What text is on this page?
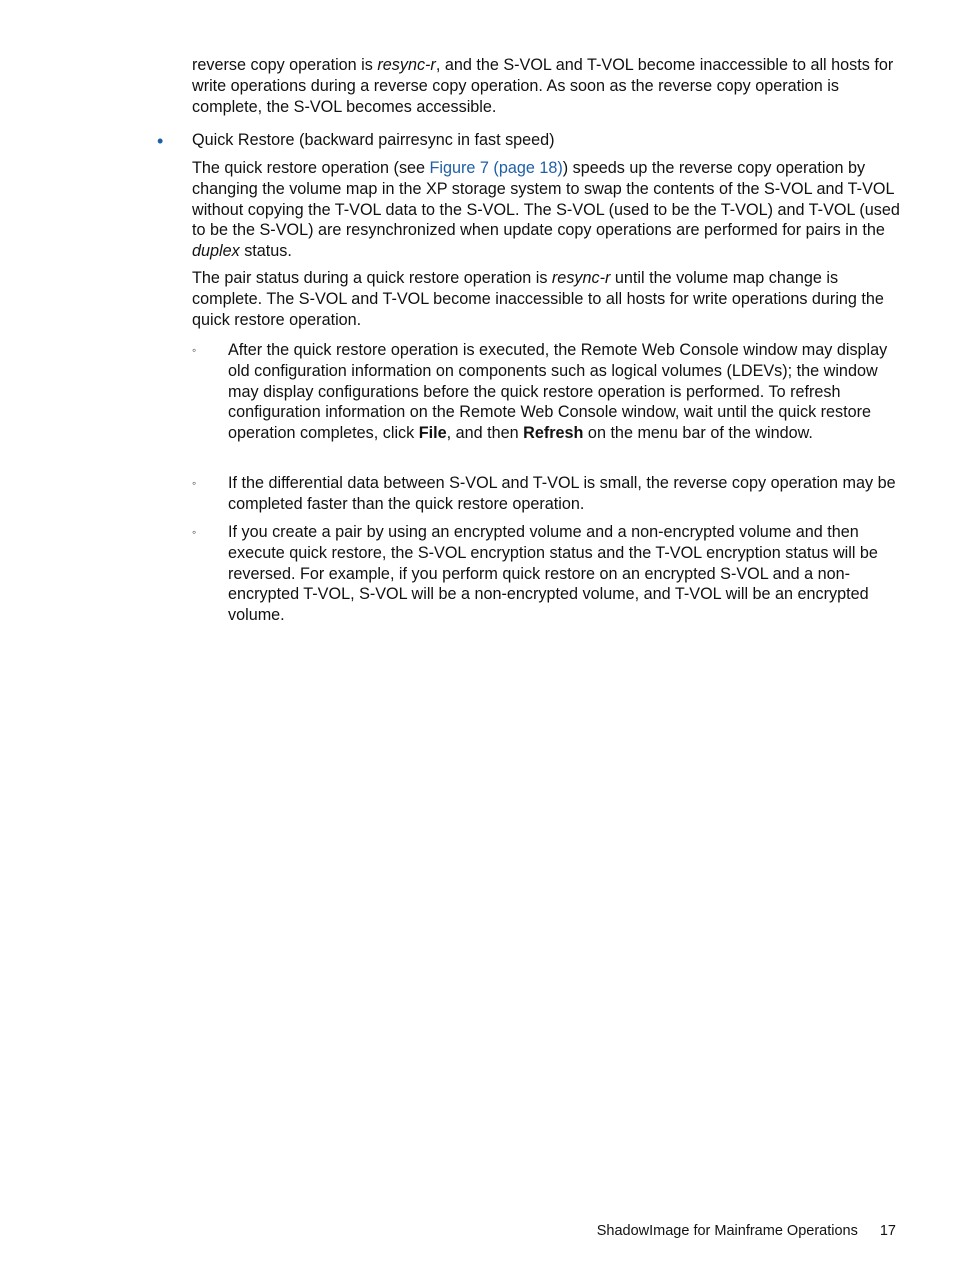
reverse copy operation is resync-r, and the S-VOL and T-VOL become inaccessible to all hosts for write operations during a reverse copy operation. As soon as the reverse copy operation is complete, the S-VOL becomes accessible.

• Quick Restore (backward pairresync in fast speed)

The quick restore operation (see Figure 7 (page 18)) speeds up the reverse copy operation by changing the volume map in the XP storage system to swap the contents of the S-VOL and T-VOL without copying the T-VOL data to the S-VOL. The S-VOL (used to be the T-VOL) and T-VOL (used to be the S-VOL) are resynchronized when update copy operations are performed for pairs in the duplex status.

The pair status during a quick restore operation is resync-r until the volume map change is complete. The S-VOL and T-VOL become inaccessible to all hosts for write operations during the quick restore operation.

◦	After the quick restore operation is executed, the Remote Web Console window may display old configuration information on components such as logical volumes (LDEVs); the window may display configurations before the quick restore operation is performed. To refresh configuration information on the Remote Web Console window, wait until the quick restore operation completes, click File, and then Refresh on the menu bar of the window.

◦	If the differential data between S-VOL and T-VOL is small, the reverse copy operation may be completed faster than the quick restore operation.

◦	If you create a pair by using an encrypted volume and a non-encrypted volume and then execute quick restore, the S-VOL encryption status and the T-VOL encryption status will be reversed. For example, if you perform quick restore on an encrypted S-VOL and a non-encrypted T-VOL, S-VOL will be a non-encrypted volume, and T-VOL will be an encrypted volume.

ShadowImage for Mainframe Operations 17
